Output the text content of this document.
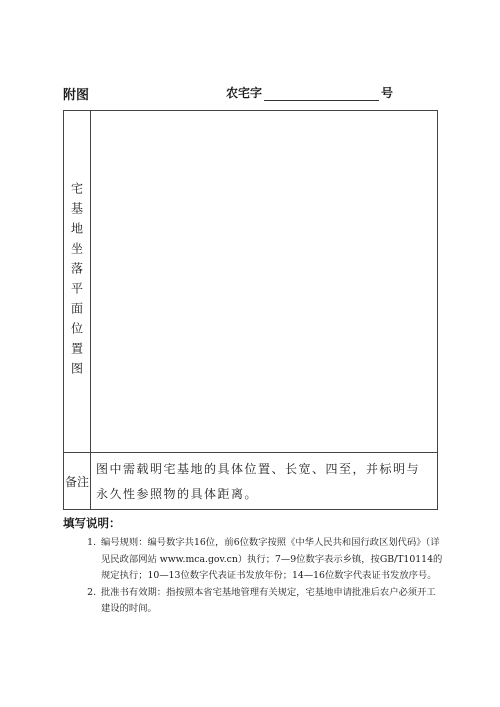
附图	农宅字	号
宅基地坐落平面位置图	

备注	图中需载明宅基地的具体位置、长宽、四至，并标明与永久性参照物的具体距离。
填写说明：
1. 编号规则：编号数字共16位，前6位数字按照《中华人民共和国行政区划代码》（详见民政部网站 www.mca.gov.cn）执行；7—9位数字表示乡镇，按GB/T10114的规定执行；10—13位数字代表证书发放年份；14—16位数字代表证书发放序号。
2. 批准书有效期：指按照本省宅基地管理有关规定，宅基地申请批准后农户必须开工建设的时间。
